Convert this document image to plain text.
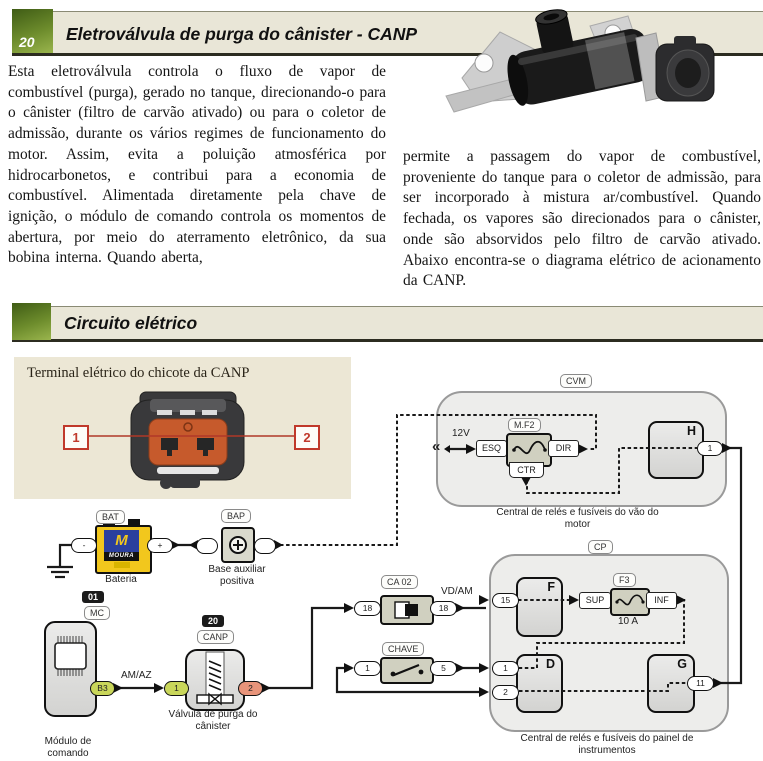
20 Eletroválvula de purga do cânister - CANP
Esta eletroválvula controla o fluxo de vapor de combustível (purga), gerado no tanque, direcionando-o para o cânister (filtro de carvão ativado) ou para o coletor de admissão, durante os vários regimes de funcionamento do motor. Assim, evita a poluição atmosférica por hidrocarbonetos, e contribui para a economia de combustível. Alimentada diretamente pela chave de ignição, o módulo de comando controla os momentos de abertura, por meio do aterramento eletrônico, da sua bobina interna. Quando aberta,
permite a passagem do vapor de combustível, proveniente do tanque para o coletor de admissão, para ser incorporado à mistura ar/combustível. Quando fechada, os vapores são direcionados para o cânister, onde são absorvidos pelo filtro de carvão ativado. Abaixo encontra-se o diagrama elétrico de acionamento da CANP.
Circuito elétrico
Terminal elétrico do chicote da CANP
1	2
BAT
M
MOURA
-	+
Bateria
BAP
Base auxiliar positiva
CVM
12V
«	ESQ
M.F2
DIR
CTR
H
1
Central de relés e fusíveis do vão do motor
CP
F
15
F3
SUP	INF
10 A
D
1
2
G
11
Central de relés e fusíveis do painel de instrumentos
CA 02
18	18
VD/AM
CHAVE
1	5
01
MC
B3
Módulo de comando
AM/AZ
20
CANP
1	2
Válvula de purga do cânister
